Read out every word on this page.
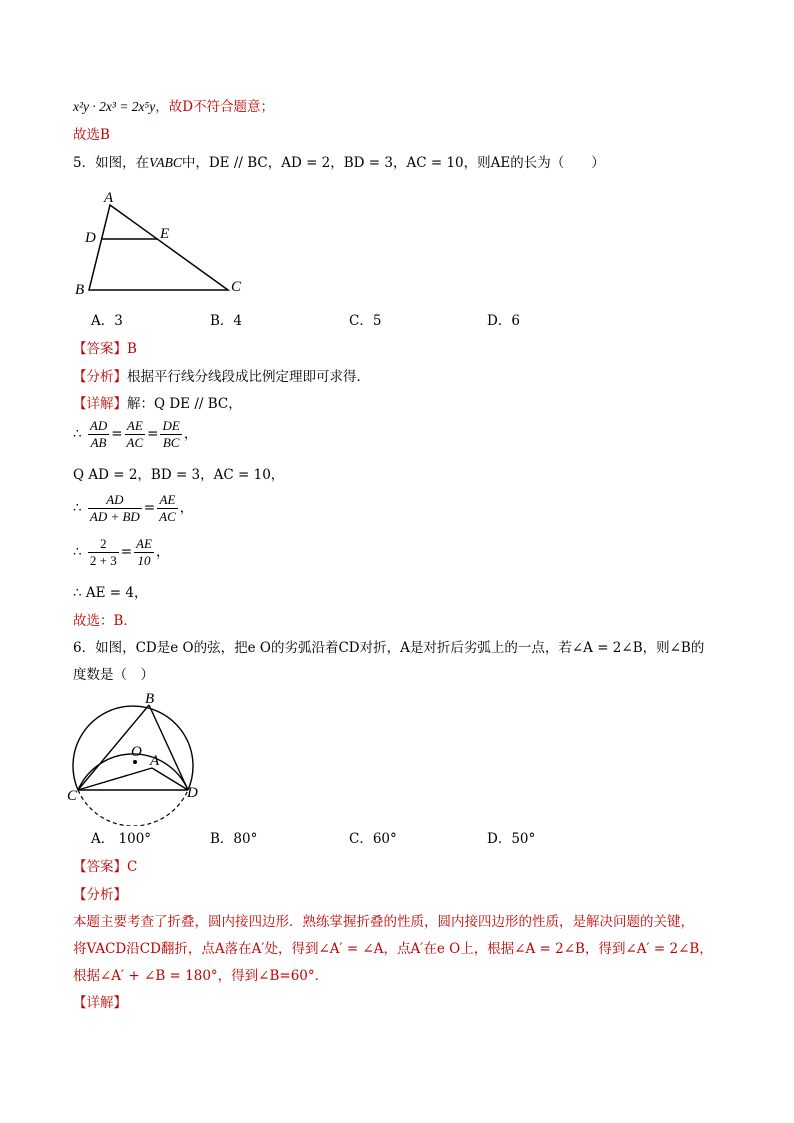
x²y · 2x³ = 2x⁵y，故D不符合题意；
故选B
5．如图，在VABC中，DE // BC，AD = 2，BD = 3，AC = 10，则AE的长为（　　）
A
D	E
B	C
A．3	B．4	C．5	D．6
【答案】B
【分析】根据平行线分线段成比例定理即可求得．
【详解】解：Q DE // BC，
∴ $\frac{AD}{AB} = \frac{AE}{AC} = \frac{DE}{BC}$ ，
Q AD = 2，BD = 3，AC = 10，
∴ $\frac{AD}{AD + BD} = \frac{AE}{AC}$ ，
∴ $\frac{2}{2 + 3} = \frac{AE}{10}$ ，
∴ AE = 4，
故选：B．
6．如图，CD是e O的弦，把e O的劣弧沿着CD对折，A是对折后劣弧上的一点，若∠A = 2∠B，则∠B的
度数是（　）
B
O
A
C	D
A． 100°	B．80°	C．60°	D．50°
【答案】C
【分析】
本题主要考查了折叠，圆内接四边形．熟练掌握折叠的性质，圆内接四边形的性质，是解决问题的关键，
将VACD沿CD翻折，点A落在A′处，得到∠A′ = ∠A，点A′在e O上，根据∠A = 2∠B，得到∠A′ = 2∠B，
根据∠A′ + ∠B = 180°，得到∠B=60°．
【详解】
